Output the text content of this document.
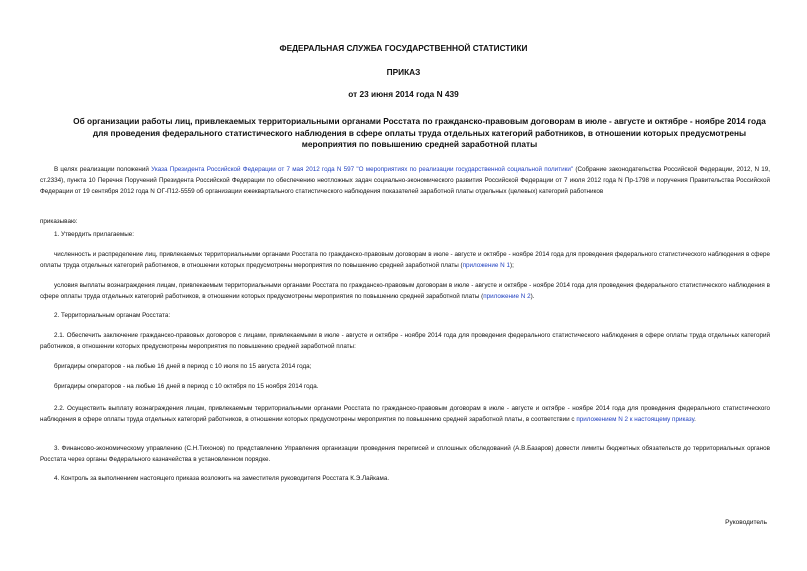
ФЕДЕРАЛЬНАЯ СЛУЖБА ГОСУДАРСТВЕННОЙ СТАТИСТИКИ
ПРИКАЗ
от 23 июня 2014 года N 439
Об организации работы лиц, привлекаемых территориальными органами Росстата по гражданско-правовым договорам в июле - августе и октябре - ноябре 2014 года для проведения федерального статистического наблюдения в сфере оплаты труда отдельных категорий работников, в отношении которых предусмотрены мероприятия по повышению средней заработной платы
В целях реализации положений Указа Президента Российской Федерации от 7 мая 2012 года N 597 "О мероприятиях по реализации государственной социальной политики" (Собрание законодательства Российской Федерации, 2012, N 19, ст.2334), пункта 10 Перечня Поручений Президента Российской Федерации по обеспечению неотложных задач социально-экономического развития Российской Федерации от 7 июля 2012 года N Пр-1798 и поручения Правительства Российской Федерации от 19 сентября 2012 года N ОГ-П12-5559 об организации ежеквартального статистического наблюдения показателей заработной платы отдельных (целевых) категорий работников
приказываю:
1. Утвердить прилагаемые:
численность и распределение лиц, привлекаемых территориальными органами Росстата по гражданско-правовым договорам в июле - августе и октябре - ноябре 2014 года для проведения федерального статистического наблюдения в сфере оплаты труда отдельных категорий работников, в отношении которых предусмотрены мероприятия по повышению средней заработной платы (приложение N 1);
условия выплаты вознаграждения лицам, привлекаемым территориальными органами Росстата по гражданско-правовым договорам в июле - августе и октябре - ноябре 2014 года для проведения федерального статистического наблюдения в сфере оплаты труда отдельных категорий работников, в отношении которых предусмотрены мероприятия по повышению средней заработной платы (приложение N 2).
2. Территориальным органам Росстата:
2.1. Обеспечить заключение гражданско-правовых договоров с лицами, привлекаемыми в июле - августе и октябре - ноябре 2014 года для проведения федерального статистического наблюдения в сфере оплаты труда отдельных категорий работников, в отношении которых предусмотрены мероприятия по повышению средней заработной платы:
бригадиры операторов - на любые 16 дней в период с 10 июля по 15 августа 2014 года;
бригадиры операторов - на любые 16 дней в период с 10 октября по 15 ноября 2014 года.
2.2. Осуществить выплату вознаграждения лицам, привлекаемым территориальными органами Росстата по гражданско-правовым договорам в июле - августе и октябре - ноябре 2014 года для проведения федерального статистического наблюдения в сфере оплаты труда отдельных категорий работников, в отношении которых предусмотрены мероприятия по повышению средней заработной платы, в соответствии с приложением N 2 к настоящему приказу.
3. Финансово-экономическому управлению (С.Н.Тихонов) по представлению Управления организации проведения переписей и сплошных обследований (А.В.Базаров) довести лимиты бюджетных обязательств до территориальных органов Росстата через органы Федерального казначейства в установленном порядке.
4. Контроль за выполнением настоящего приказа возложить на заместителя руководителя Росстата К.Э.Лайкама.
Руководитель
